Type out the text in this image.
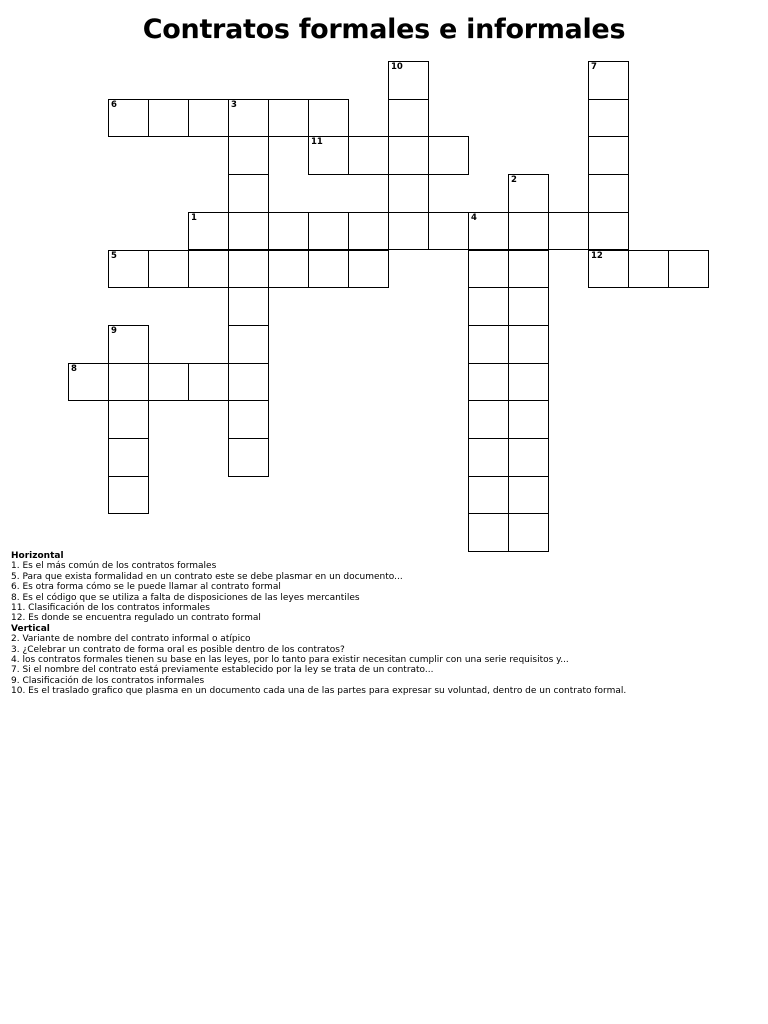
Contratos formales e informales
10	7
6	3
11
2
1	4
5	12
9
8
Horizontal
1. Es el más común de los contratos formales
5. Para que exista formalidad en un contrato este se debe plasmar en un documento...
6. Es otra forma cómo se le puede llamar al contrato formal
8. Es el código que se utiliza a falta de disposiciones de las leyes mercantiles
11. Clasificación de los contratos informales
12. Es donde se encuentra regulado un contrato formal
Vertical
2. Variante de nombre del contrato informal o atípico
3. ¿Celebrar un contrato de forma oral es posible dentro de los contratos?
4. los contratos formales tienen su base en las leyes, por lo tanto para existir necesitan cumplir con una serie requisitos y...
7. Si el nombre del contrato está previamente establecido por la ley se trata de un contrato...
9. Clasificación de los contratos informales
10. Es el traslado grafico que plasma en un documento cada una de las partes para expresar su voluntad, dentro de un contrato formal.
